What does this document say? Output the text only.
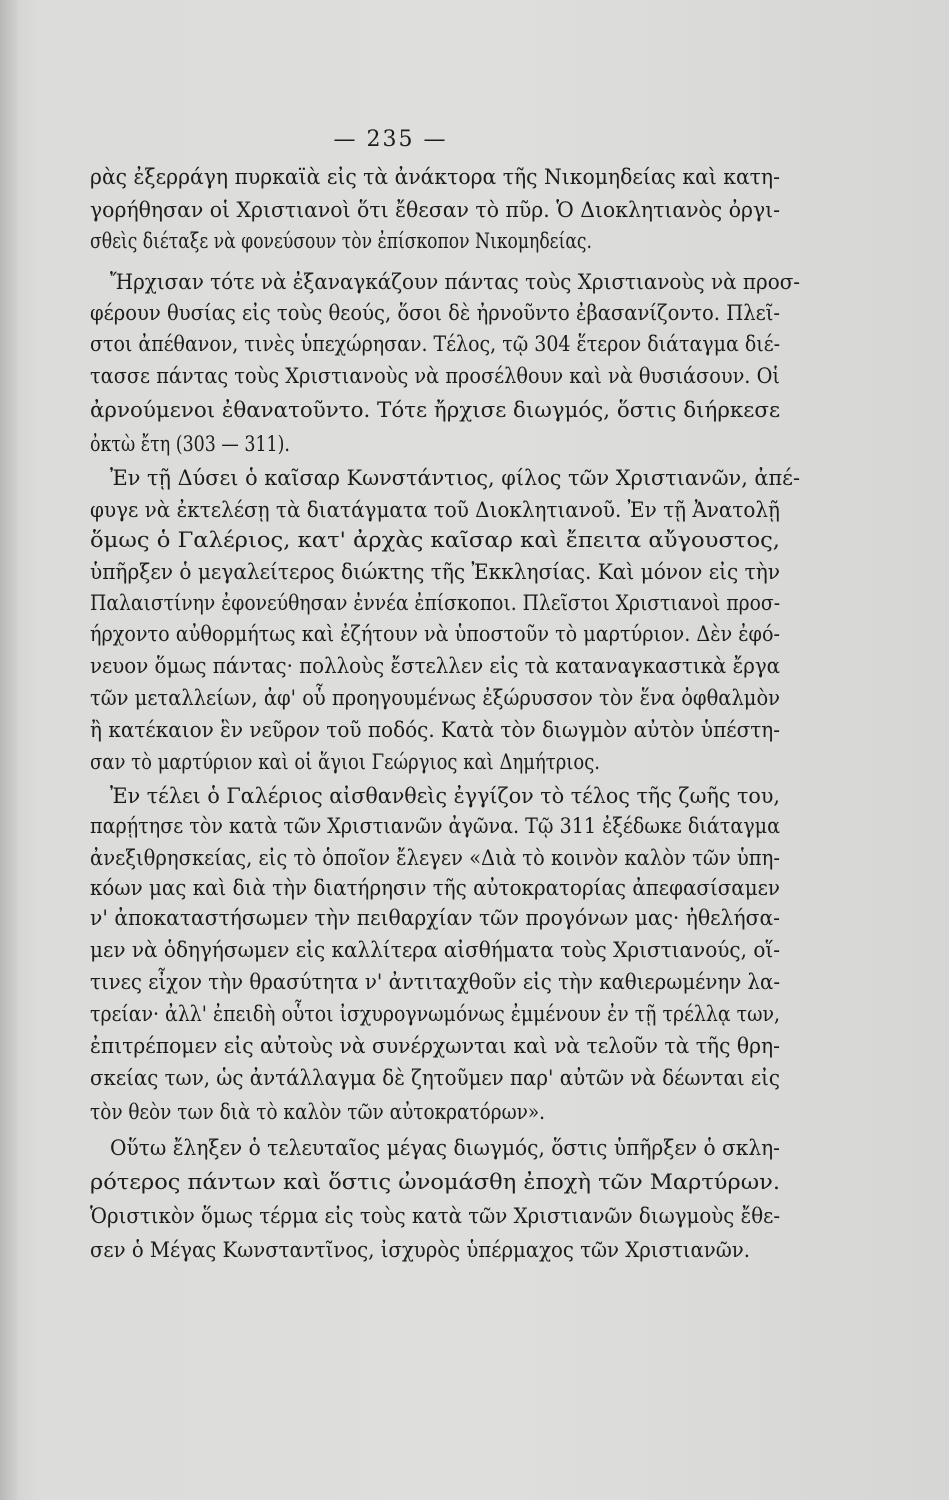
— 235 —
ρὰς ἐξερράγη πυρκαϊὰ εἰς τὰ ἀνάκτορα τῆς Νικομηδείας καὶ κατη-
γορήθησαν οἱ Χριστιανοὶ ὅτι ἔθεσαν τὸ πῦρ. Ὁ Διοκλητιανὸς ὀργι-
σθεὶς διέταξε νὰ φονεύσουν τὸν ἐπίσκοπον Νικομηδείας.
Ἤρχισαν τότε νὰ ἐξαναγκάζουν πάντας τοὺς Χριστιανοὺς νὰ προσ-
φέρουν θυσίας εἰς τοὺς θεούς, ὅσοι δὲ ἠρνοῦντο ἐβασανίζοντο. Πλεῖ-
στοι ἀπέθανον, τινὲς ὑπεχώρησαν. Τέλος, τῷ 304 ἕτερον διάταγμα διέ-
τασσε πάντας τοὺς Χριστιανοὺς νὰ προσέλθουν καὶ νὰ θυσιάσουν. Οἱ
ἀρνούμενοι ἐθανατοῦντο. Τότε ἤρχισε διωγμός, ὅστις διήρκεσε
ὀκτὼ ἔτη (303 — 311).
Ἐν τῇ Δύσει ὁ καῖσαρ Κωνστάντιος, φίλος τῶν Χριστιανῶν, ἀπέ-
φυγε νὰ ἐκτελέσῃ τὰ διατάγματα τοῦ Διοκλητιανοῦ. Ἐν τῇ Ἀνατολῇ
ὅμως ὁ Γαλέριος, κατ' ἀρχὰς καῖσαρ καὶ ἔπειτα αὔγουστος,
ὑπῆρξεν ὁ μεγαλείτερος διώκτης τῆς Ἐκκλησίας. Καὶ μόνον εἰς τὴν
Παλαιστίνην ἐφονεύθησαν ἐννέα ἐπίσκοποι. Πλεῖστοι Χριστιανοὶ προσ-
ήρχοντο αὐθορμήτως καὶ ἐζήτουν νὰ ὑποστοῦν τὸ μαρτύριον. Δὲν ἐφό-
νευον ὅμως πάντας· πολλοὺς ἔστελλεν εἰς τὰ καταναγκαστικὰ ἔργα
τῶν μεταλλείων, ἀφ' οὗ προηγουμένως ἐξώρυσσον τὸν ἕνα ὀφθαλμὸν
ἢ κατέκαιον ἓν νεῦρον τοῦ ποδός. Κατὰ τὸν διωγμὸν αὐτὸν ὑπέστη-
σαν τὸ μαρτύριον καὶ οἱ ἅγιοι Γεώργιος καὶ Δημήτριος.
Ἐν τέλει ὁ Γαλέριος αἰσθανθεὶς ἐγγίζον τὸ τέλος τῆς ζωῆς του,
παρῄτησε τὸν κατὰ τῶν Χριστιανῶν ἀγῶνα. Τῷ 311 ἐξέδωκε διάταγμα
ἀνεξιθρησκείας, εἰς τὸ ὁποῖον ἔλεγεν «Διὰ τὸ κοινὸν καλὸν τῶν ὑπη-
κόων μας καὶ διὰ τὴν διατήρησιν τῆς αὐτοκρατορίας ἀπεφασίσαμεν
ν' ἀποκαταστήσωμεν τὴν πειθαρχίαν τῶν προγόνων μας· ἠθελήσα-
μεν νὰ ὁδηγήσωμεν εἰς καλλίτερα αἰσθήματα τοὺς Χριστιανούς, οἵ-
τινες εἶχον τὴν θρασύτητα ν' ἀντιταχθοῦν εἰς τὴν καθιερωμένην λα-
τρείαν· ἀλλ' ἐπειδὴ οὗτοι ἰσχυρογνωμόνως ἐμμένουν ἐν τῇ τρέλλᾳ των,
ἐπιτρέπομεν εἰς αὐτοὺς νὰ συνέρχωνται καὶ νὰ τελοῦν τὰ τῆς θρη-
σκείας των, ὡς ἀντάλλαγμα δὲ ζητοῦμεν παρ' αὐτῶν νὰ δέωνται εἰς
τὸν θεὸν των διὰ τὸ καλὸν τῶν αὐτοκρατόρων».
Οὕτω ἔληξεν ὁ τελευταῖος μέγας διωγμός, ὅστις ὑπῆρξεν ὁ σκλη-
ρότερος πάντων καὶ ὅστις ὠνομάσθη ἐποχὴ τῶν Μαρτύρων.
Ὁριστικὸν ὅμως τέρμα εἰς τοὺς κατὰ τῶν Χριστιανῶν διωγμοὺς ἔθε-
σεν ὁ Μέγας Κωνσταντῖνος, ἰσχυρὸς ὑπέρμαχος τῶν Χριστιανῶν.
